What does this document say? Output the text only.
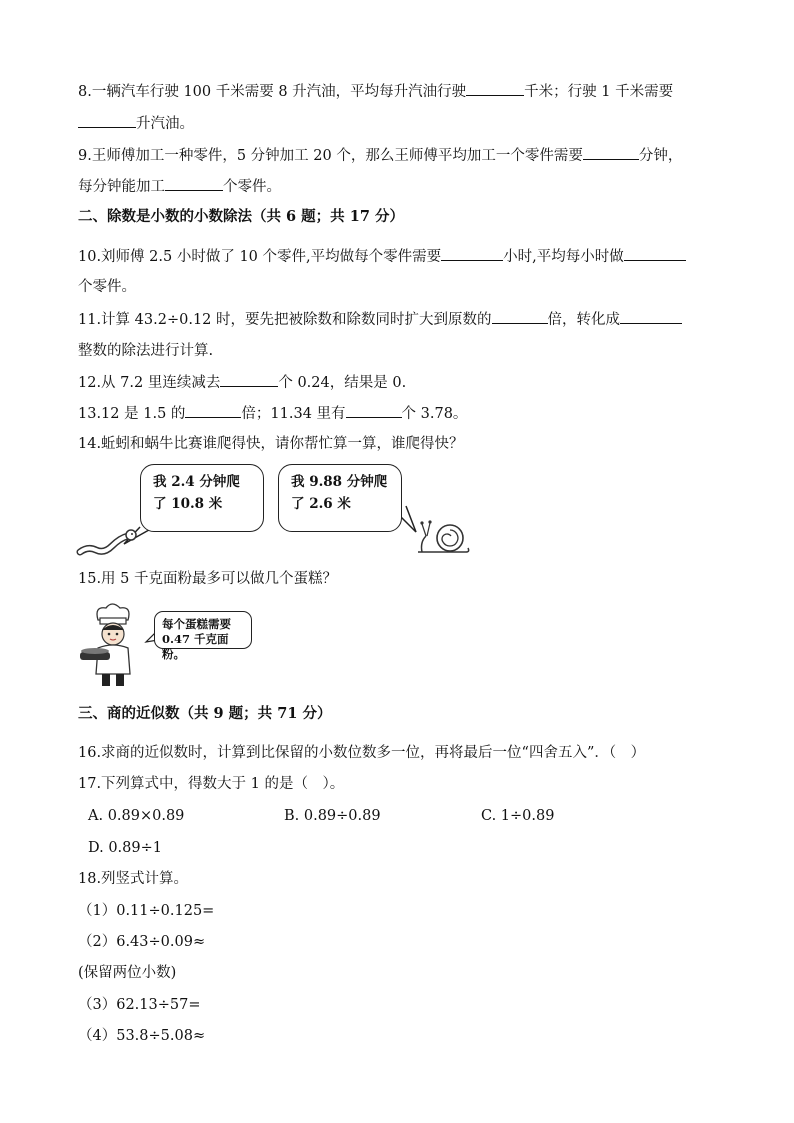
8.一辆汽车行驶 100 千米需要 8 升汽油，平均每升汽油行驶	千米；行驶 1 千米需要
升汽油。
9.王师傅加工一种零件，5 分钟加工 20 个，那么王师傅平均加工一个零件需要	分钟，
每分钟能加工	个零件。
二、除数是小数的小数除法（共 6 题；共 17 分）
10.刘师傅 2.5 小时做了 10 个零件,平均做每个零件需要	小时,平均每小时做
个零件。
11.计算 43.2÷0.12 时，要先把被除数和除数同时扩大到原数的	倍，转化成
整数的除法进行计算.
12.从 7.2 里连续减去	个 0.24，结果是 0.
13.12 是 1.5 的	倍；11.34 里有	个 3.78。
14.蚯蚓和蜗牛比赛谁爬得快，请你帮忙算一算，谁爬得快？
我 2.4 分钟爬
了 10.8 米
我 9.88 分钟爬
了 2.6 米
15.用 5 千克面粉最多可以做几个蛋糕？
每个蛋糕需要
0.47 千克面粉。
三、商的近似数（共 9 题；共 71 分）
16.求商的近似数时，计算到比保留的小数位数多一位，再将最后一位“四舍五入”．（　）
17.下列算式中，得数大于 1 的是（　）。
A. 0.89×0.89	B. 0.89÷0.89	C. 1÷0.89
D. 0.89÷1
18.列竖式计算。
（1）0.11÷0.125=
（2）6.43÷0.09≈
(保留两位小数)
（3）62.13÷57=
（4）53.8÷5.08≈
